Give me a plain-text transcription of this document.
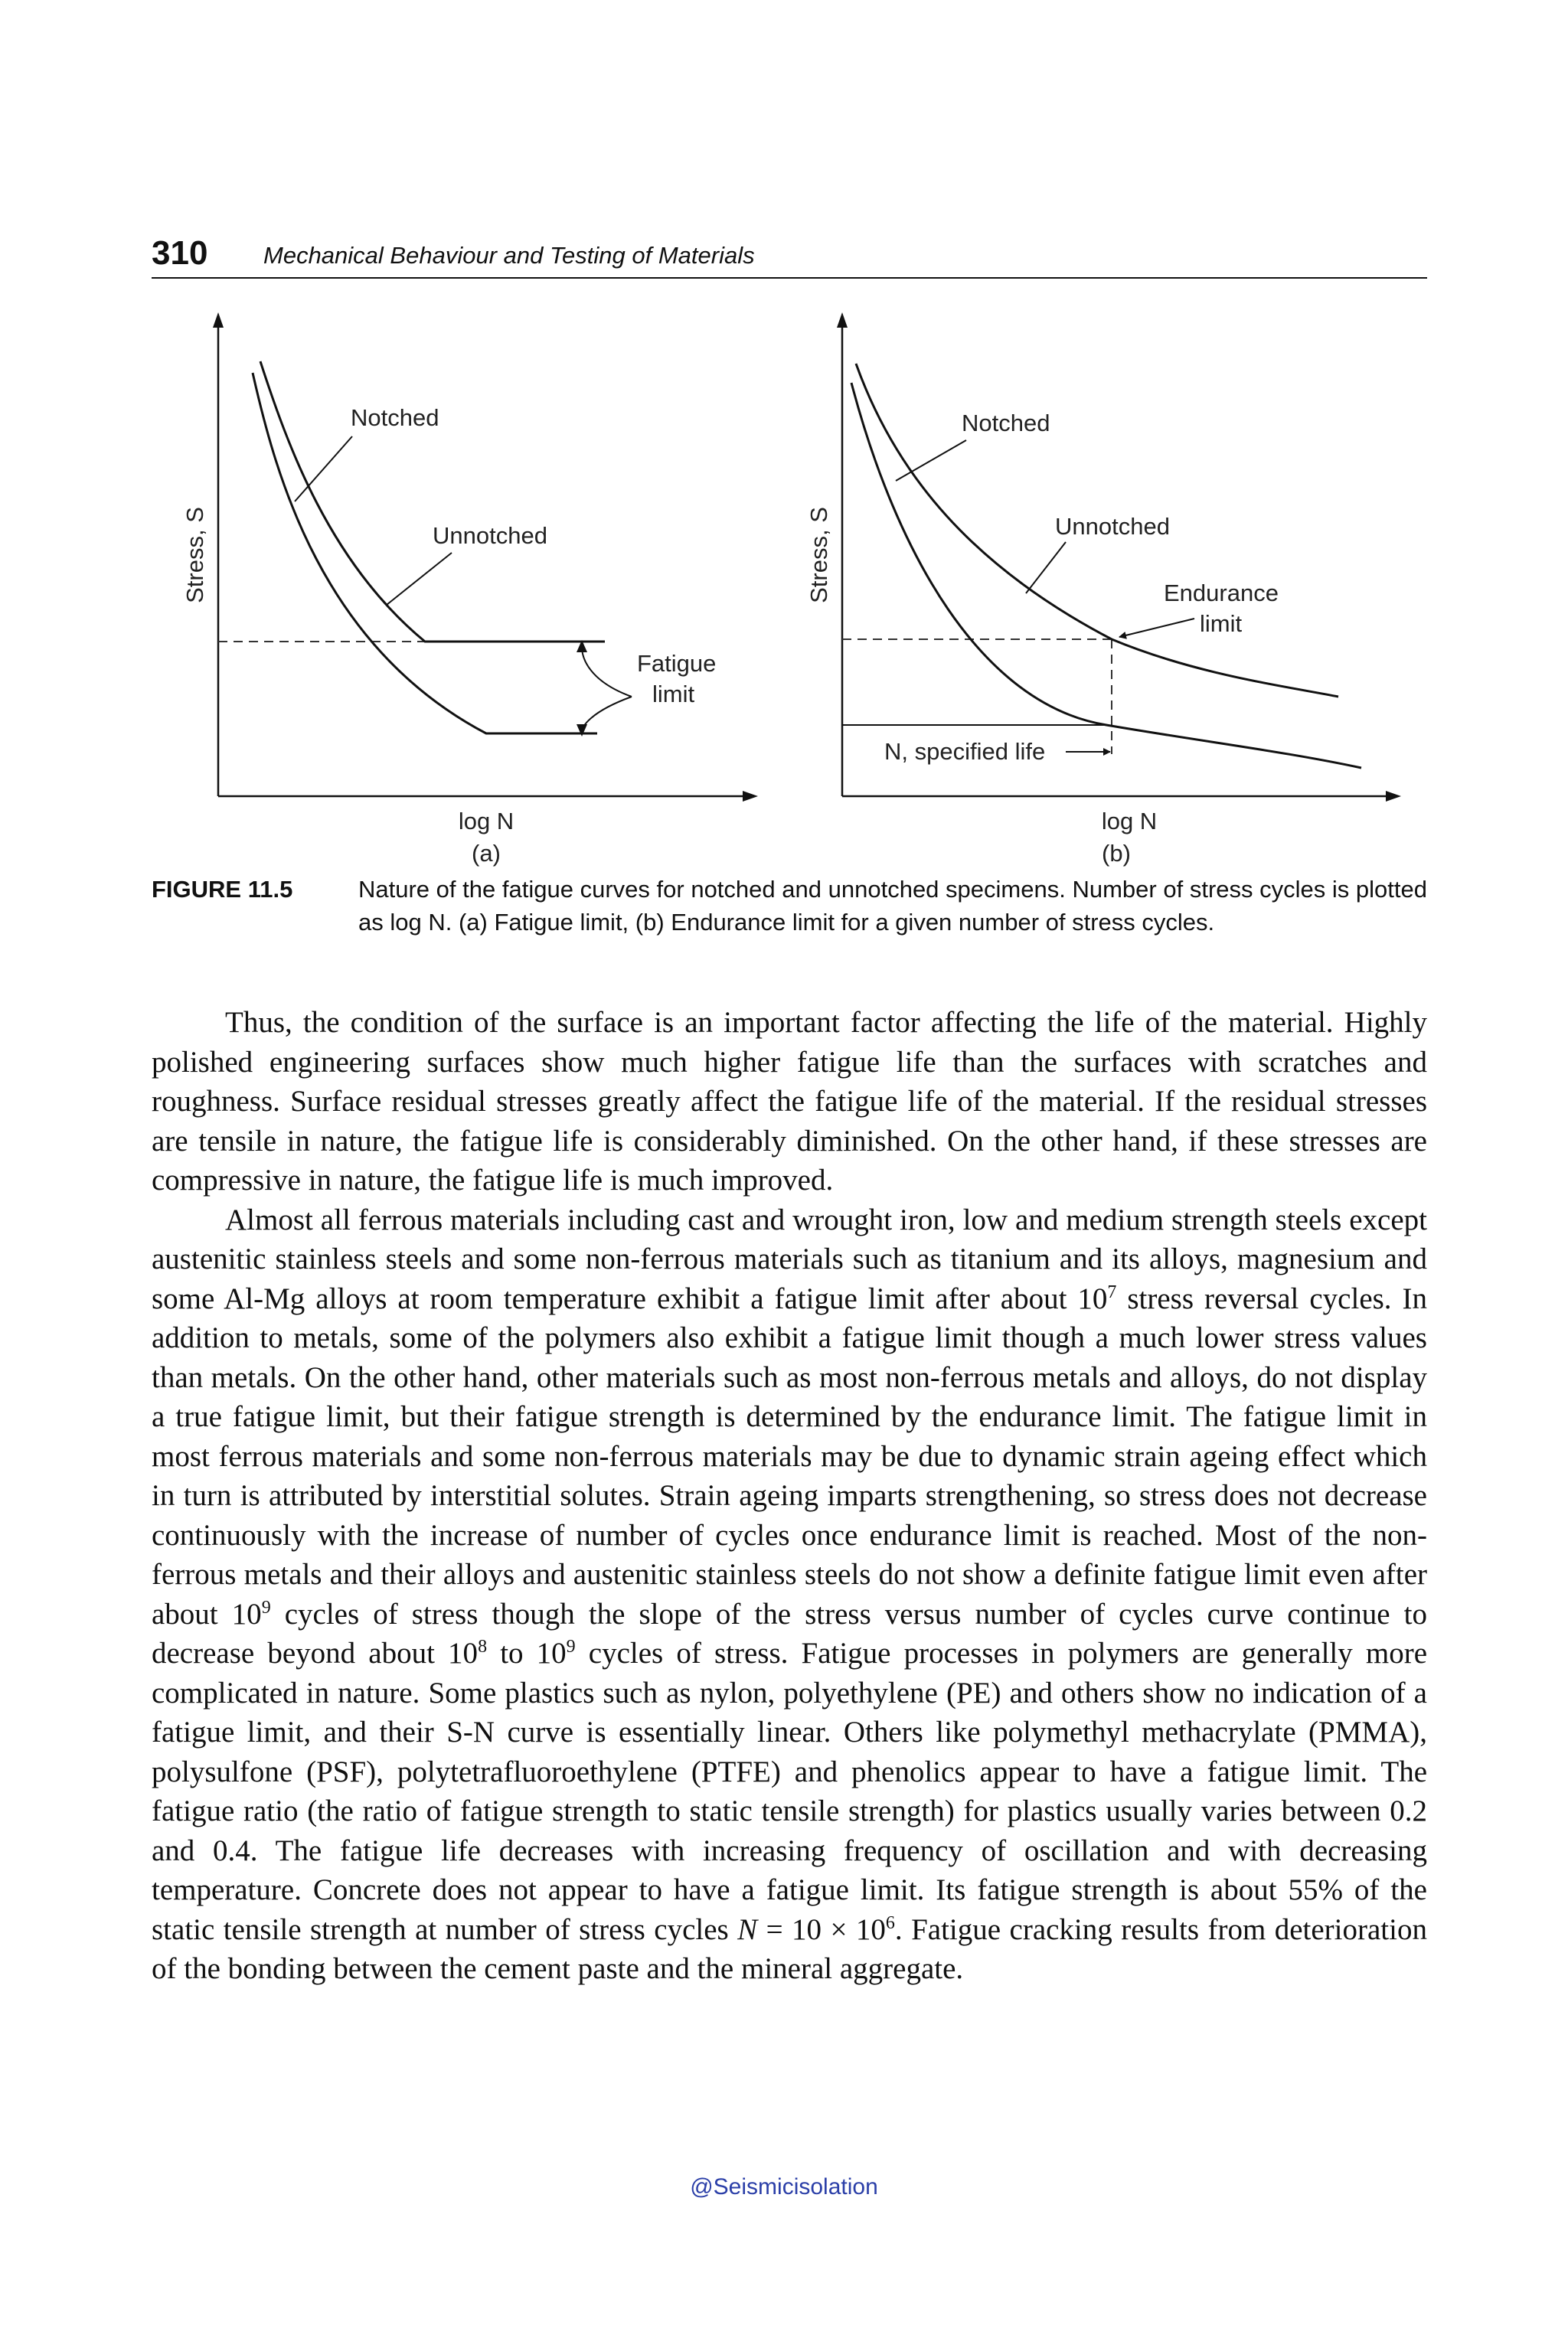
310 Mechanical Behaviour and Testing of Materials
Notched
Unnotched
Fatigue
limit
Stress, S
log N
(a)
Notched
Unnotched
Endurance
limit
N, specified life
Stress, S
log N
(b)
FIGURE 11.5	Nature of the fatigue curves for notched and unnotched specimens. Number of stress cycles is plotted as log N. (a) Fatigue limit, (b) Endurance limit for a given number of stress cycles.

Thus, the condition of the surface is an important factor affecting the life of the material. Highly polished engineering surfaces show much higher fatigue life than the surfaces with scratches and roughness. Surface residual stresses greatly affect the fatigue life of the material. If the residual stresses are tensile in nature, the fatigue life is considerably diminished. On the other hand, if these stresses are compressive in nature, the fatigue life is much improved.

Almost all ferrous materials including cast and wrought iron, low and medium strength steels except austenitic stainless steels and some non-ferrous materials such as titanium and its alloys, magnesium and some Al-Mg alloys at room temperature exhibit a fatigue limit after about $10^7$ stress reversal cycles. In addition to metals, some of the polymers also exhibit a fatigue limit though a much lower stress values than metals. On the other hand, other materials such as most non-ferrous metals and alloys, do not display a true fatigue limit, but their fatigue strength is determined by the endurance limit. The fatigue limit in most ferrous materials and some non-ferrous materials may be due to dynamic strain ageing effect which in turn is attributed by interstitial solutes. Strain ageing imparts strengthening, so stress does not decrease continuously with the increase of number of cycles once endurance limit is reached. Most of the non-ferrous metals and their alloys and austenitic stainless steels do not show a definite fatigue limit even after about $10^9$ cycles of stress though the slope of the stress versus number of cycles curve continue to decrease beyond about $10^8$ to $10^9$ cycles of stress. Fatigue processes in polymers are generally more complicated in nature. Some plastics such as nylon, polyethylene (PE) and others show no indication of a fatigue limit, and their S-N curve is essentially linear. Others like polymethyl methacrylate (PMMA), polysulfone (PSF), polytetrafluoroethylene (PTFE) and phenolics appear to have a fatigue limit. The fatigue ratio (the ratio of fatigue strength to static tensile strength) for plastics usually varies between 0.2 and 0.4. The fatigue life decreases with increasing frequency of oscillation and with decreasing temperature. Concrete does not appear to have a fatigue limit. Its fatigue strength is about 55% of the static tensile strength at number of stress cycles $N = 10 \times 10^6$. Fatigue cracking results from deterioration of the bonding between the cement paste and the mineral aggregate.

@Seismicisolation
